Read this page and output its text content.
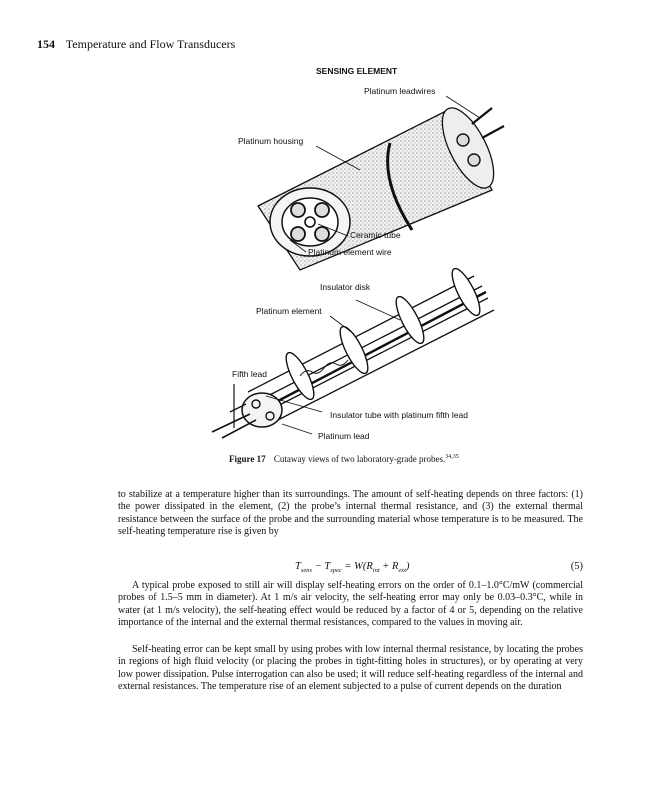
154 Temperature and Flow Transducers
SENSING ELEMENT
Platinum leadwires
Platinum housing
Ceramic tube
Platinum element wire
Insulator disk
Platinum element
Fifth lead
Insulator tube with platinum fifth lead
Platinum lead
Figure 17 Cutaway views of two laboratory-grade probes.$^{34,35}$

to stabilize at a temperature higher than its surroundings. The amount of self-heating depends on three factors: (1) the power dissipated in the element, (2) the probe’s internal thermal resistance, and (3) the external thermal resistance between the surface of the probe and the surrounding material whose temperature is to be measured. The self-heating temperature rise is given by

$T_{sens} - T_{spec} = W(R_{int} + R_{ext})$	(5)

A typical probe exposed to still air will display self-heating errors on the order of 0.1–1.0°C/mW (commercial probes of 1.5–5 mm in diameter). At 1 m/s air velocity, the self-heating error may only be 0.03–0.3°C, while in water (at 1 m/s velocity), the self-heating effect would be reduced by a factor of 4 or 5, depending on the relative importance of the internal and the external thermal resistances, compared to the values in moving air.

Self-heating error can be kept small by using probes with low internal thermal resistance, by locating the probes in regions of high fluid velocity (or placing the probes in tight-fitting holes in structures), or by operating at very low power dissipation. Pulse interrogation can also be used; it will reduce self-heating regardless of the internal and external resistances. The temperature rise of an element subjected to a pulse of current depends on the duration
